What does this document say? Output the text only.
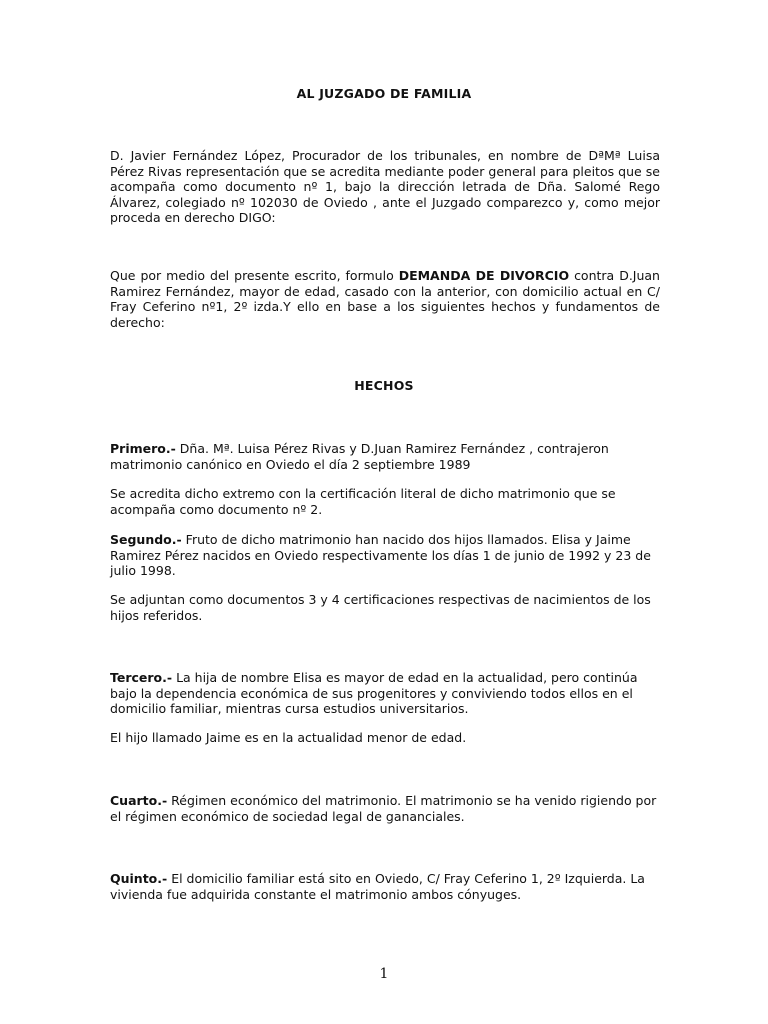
AL JUZGADO DE FAMILIA
D. Javier Fernández López, Procurador de los tribunales, en nombre de DªMª Luisa Pérez Rivas representación que se acredita mediante poder general para pleitos que se acompaña como documento nº 1, bajo la dirección letrada de Dña. Salomé Rego Álvarez, colegiado nº 102030 de Oviedo , ante el Juzgado comparezco y, como mejor proceda en derecho DIGO:
Que por medio del presente escrito, formulo DEMANDA DE DIVORCIO contra D.Juan Ramirez Fernández, mayor de edad, casado con la anterior, con domicilio actual en C/ Fray Ceferino nº1, 2º izda.Y ello en base a los siguientes hechos y fundamentos de derecho:
HECHOS
Primero.- Dña. Mª. Luisa Pérez Rivas y D.Juan Ramirez Fernández , contrajeron matrimonio canónico en Oviedo el día 2 septiembre 1989
Se acredita dicho extremo con la certificación literal de dicho matrimonio que se acompaña como documento nº 2.
Segundo.- Fruto de dicho matrimonio han nacido dos hijos llamados. Elisa y Jaime Ramirez Pérez nacidos en Oviedo respectivamente los días 1 de junio de 1992 y 23 de julio 1998.
Se adjuntan como documentos 3 y 4 certificaciones respectivas de nacimientos de los hijos referidos.
Tercero.- La hija de nombre Elisa es mayor de edad en la actualidad, pero continúa bajo la dependencia económica de sus progenitores y conviviendo todos ellos en el domicilio familiar, mientras cursa estudios universitarios.
El hijo llamado Jaime es en la actualidad menor de edad.
Cuarto.- Régimen económico del matrimonio. El matrimonio se ha venido rigiendo por el régimen económico de sociedad legal de gananciales.
Quinto.- El domicilio familiar está sito en Oviedo, C/ Fray Ceferino 1, 2º Izquierda. La vivienda fue adquirida constante el matrimonio ambos cónyuges.
1
